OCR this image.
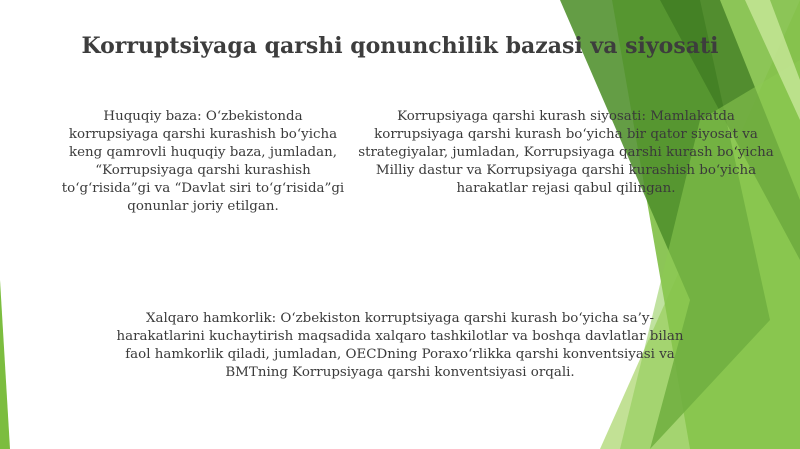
Korruptsiyaga qarshi qonunchilik bazasi va siyosati
Huquqiy baza: O‘zbekistonda korrupsiyaga qarshi kurashish bo‘yicha keng qamrovli huquqiy baza, jumladan, “Korrupsiyaga qarshi kurashish to‘g‘risida”gi va “Davlat siri to‘g‘risida”gi qonunlar joriy etilgan.
Korrupsiyaga qarshi kurash siyosati: Mamlakatda korrupsiyaga qarshi kurash bo‘yicha bir qator siyosat va strategiyalar, jumladan, Korrupsiyaga qarshi kurash bo‘yicha Milliy dastur va Korrupsiyaga qarshi kurashish bo‘yicha harakatlar rejasi qabul qilingan.
Xalqaro hamkorlik: O‘zbekiston korruptsiyaga qarshi kurash bo‘yicha sa’y-harakatlarini kuchaytirish maqsadida xalqaro tashkilotlar va boshqa davlatlar bilan faol hamkorlik qiladi, jumladan, OECDning Poraxo‘rlikka qarshi konventsiyasi va BMTning Korrupsiyaga qarshi konventsiyasi orqali.
